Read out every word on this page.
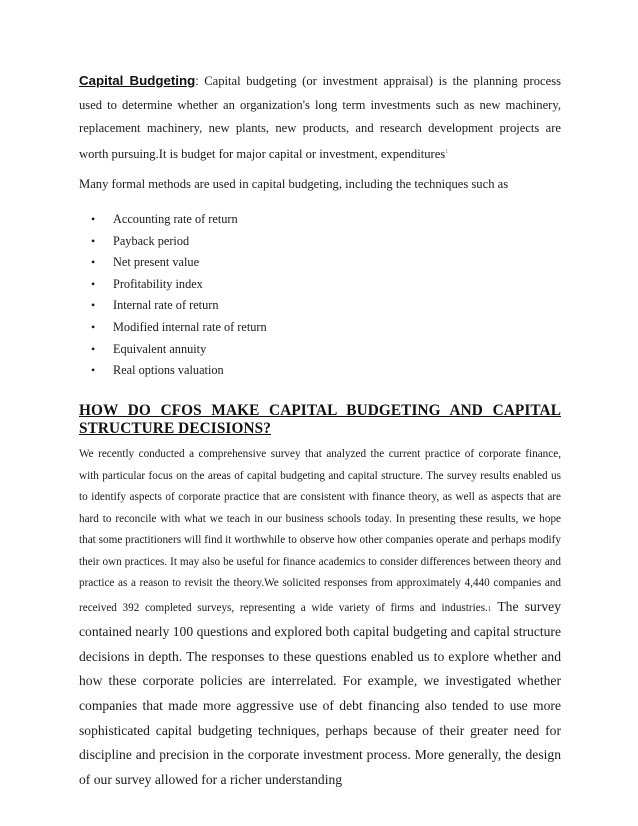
Capital Budgeting: Capital budgeting (or investment appraisal) is the planning process used to determine whether an organization's long term investments such as new machinery, replacement machinery, new plants, new products, and research development projects are worth pursuing.It is budget for major capital or investment, expenditures$^1$

Many formal methods are used in capital budgeting, including the techniques such as

• Accounting rate of return
• Payback period
• Net present value
• Profitability index
• Internal rate of return
• Modified internal rate of return
• Equivalent annuity
• Real options valuation
HOW DO CFOS MAKE CAPITAL BUDGETING AND CAPITAL STRUCTURE DECISIONS?

We recently conducted a comprehensive survey that analyzed the current practice of corporate finance, with particular focus on the areas of capital budgeting and capital structure. The survey results enabled us to identify aspects of corporate practice that are consistent with finance theory, as well as aspects that are hard to reconcile with what we teach in our business schools today. In presenting these results, we hope that some practitioners will find it worthwhile to observe how other companies operate and perhaps modify their own practices. It may also be useful for finance academics to consider differences between theory and practice as a reason to revisit the theory.We solicited responses from approximately 4,440 companies and received 392 completed surveys, representing a wide variety of firms and industries.1 The survey contained nearly 100 questions and explored both capital budgeting and capital structure decisions in depth. The responses to these questions enabled us to explore whether and how these corporate policies are interrelated. For example, we investigated whether companies that made more aggressive use of debt financing also tended to use more sophisticated capital budgeting techniques, perhaps because of their greater need for discipline and precision in the corporate investment process. More generally, the design of our survey allowed for a richer understanding
